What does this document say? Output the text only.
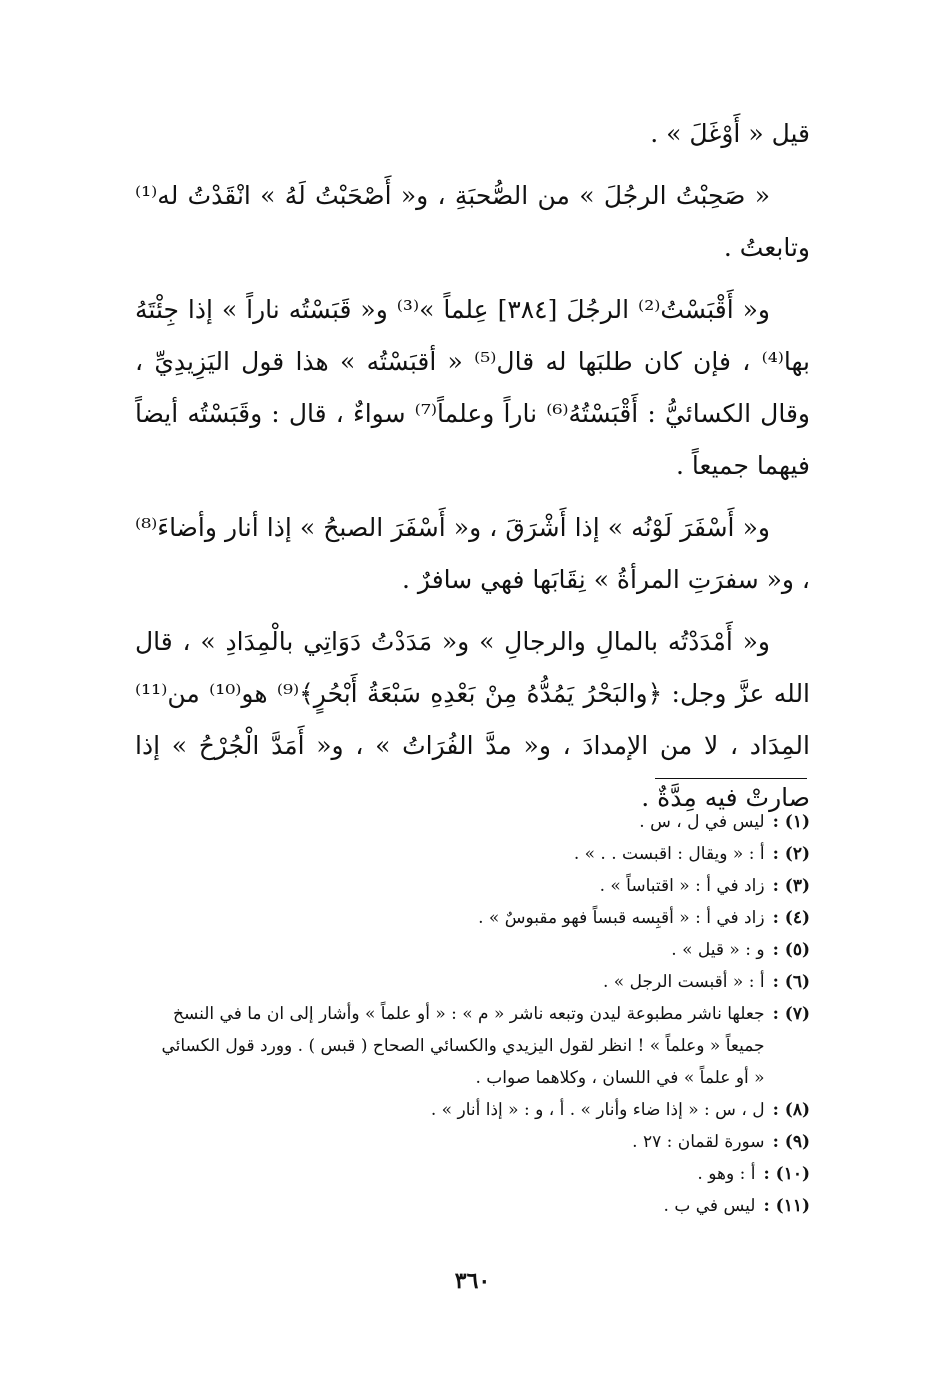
قيل « أَوْغَلَ » .

« صَحِبْتُ الرجُلَ » من الصُّحبَةِ ، و« أَصْحَبْتُ لَهُ » انْقَدْتُ له⁽¹⁾ وتابعتُ .

و« أَقْبَسْتُ⁽²⁾ الرجُلَ [٣٨٤] عِلماً »⁽³⁾ و« قَبَسْتُه ناراً » إذا جِئْتَهُ بها⁽⁴⁾ ، فإن كان طلبَها له قال⁽⁵⁾ « أقبَسْتُه » هذا قول اليَزِيدِيِّ ، وقال الكسائيُّ : أَقْبَسْتُهُ⁽⁶⁾ ناراً وعلماً⁽⁷⁾ سواءٌ ، قال : وقَبَسْتُه أيضاً فيهما جميعاً .

و« أَسْفَرَ لَوْنُه » إذا أَشْرَقَ ، و« أَسْفَرَ الصبحُ » إذا أنار وأضاءَ⁽⁸⁾ ، و« سفرَتِ المرأةُ » نِقَابَها فهي سافرٌ .

و« أَمْدَدْتُه بالمالِ والرجالِ » و« مَدَدْتُ دَوَاتِي بالْمِدَادِ » ، قال الله عزَّ وجل: ﴿والبَحْرُ يَمُدُّهُ مِنْ بَعْدِهِ سَبْعَةُ أَبْحُرٍ﴾⁽⁹⁾ هو⁽¹⁰⁾ من⁽¹¹⁾ المِدَاد ، لا من الإمدادَ ، و« مدَّ الفُرَاتُ » ، و« أَمَدَّ الْجُرْحُ » إذا صارتْ فيه مِدَّةٌ .

(١) :
ليس في ل ، س .
(٢) :
أ : « ويقال : اقبست . . » .
(٣) :
زاد في أ : « اقتباساً » .
(٤) :
زاد في أ : « أقبِسه قبساً فهو مقبوسٌ » .
(٥) :
و : « قيل » .
(٦) :
أ : « أقبست الرجل » .
(٧) :
جعلها ناشر مطبوعة ليدن وتبعه ناشر « م » : « أو علماً » وأشار إلى ان ما في النسخ جميعاً « وعلماً » ! انظر لقول اليزيدي والكسائي الصحاح ( قبس ) . وورد قول الكسائي « أو علماً » في اللسان ، وكلاهما صواب .
(٨) :
ل ، س : « إذا ضاء وأنار » . أ ، و : « إذا أنار » .
(٩) :
سورة لقمان : ٢٧ .
(١٠) :
أ : وهو .
(١١) :
ليس في ب .
٣٦٠
